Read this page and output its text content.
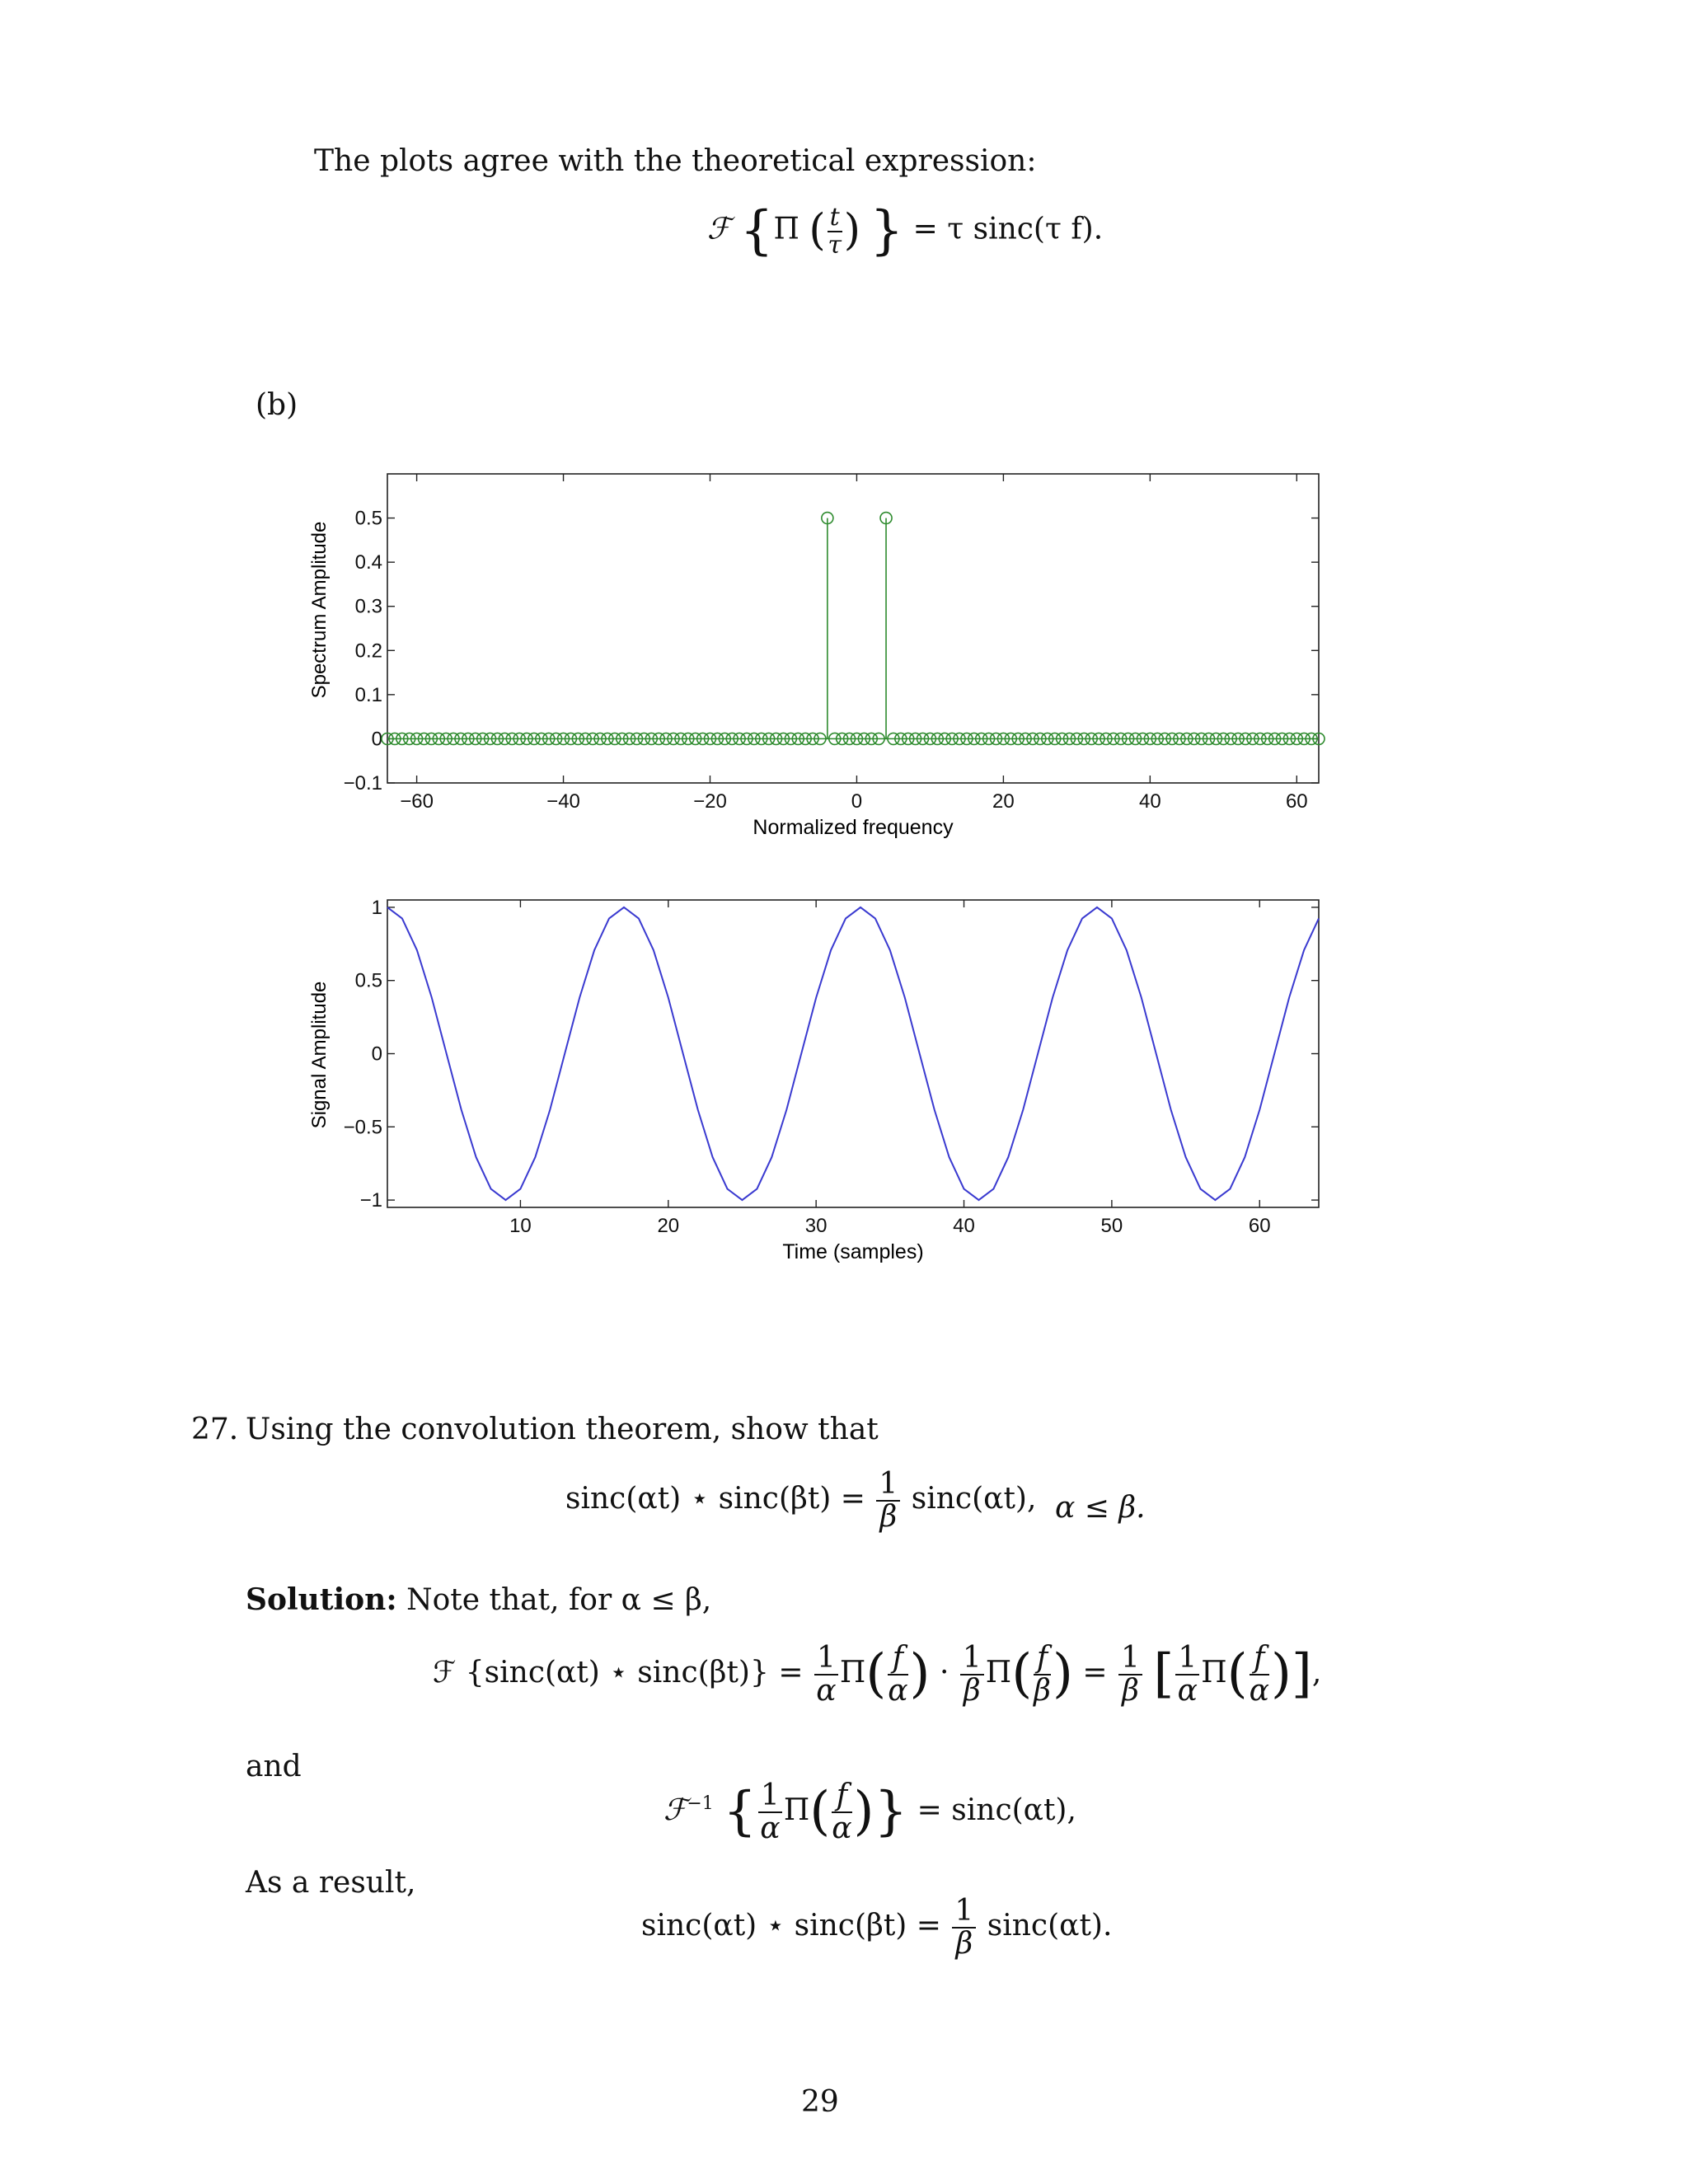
The plots agree with the theoretical expression:
ℱ {Π ( $\frac{t}{\tau}$ ) } = τ sinc(τ f).
(b)
Spectrum Amplitude
Normalized frequency
−60	−40	−20	0	20	40	60
−0.1
0
0.1
0.2
0.3
0.4
0.5
Signal Amplitude
Time (samples)
10	20	30	40	50	60
−1
−0.5
0
0.5
1
27. Using the convolution theorem, show that
sinc(αt) ⋆ $\sin c(\beta t) = \frac{1}{\beta} \sin c(\alpha t)$, α ≤ β.
Solution: Note that, for α ≤ β,
ℱ {sinc(αt) ⋆ $\sin c(\beta t)\} = \frac{1}{\alpha} \Pi( \frac{f}{\alpha}$ ) · $\frac{1}{\beta} \Pi( \frac{f}{\beta}$ ) = $\frac{1}{\beta}$ [ $\frac{1}{\alpha} \Pi( \frac{f}{\alpha}$ )],
and
ℱ$^{-1}$ { $\frac{1}{\alpha} \Pi( \frac{f}{\alpha}$ )} = sinc(αt),
As a result,
sinc(αt) ⋆ $\sin c(\beta t) = \frac{1}{\beta} \sin c(\alpha t)$.
29
